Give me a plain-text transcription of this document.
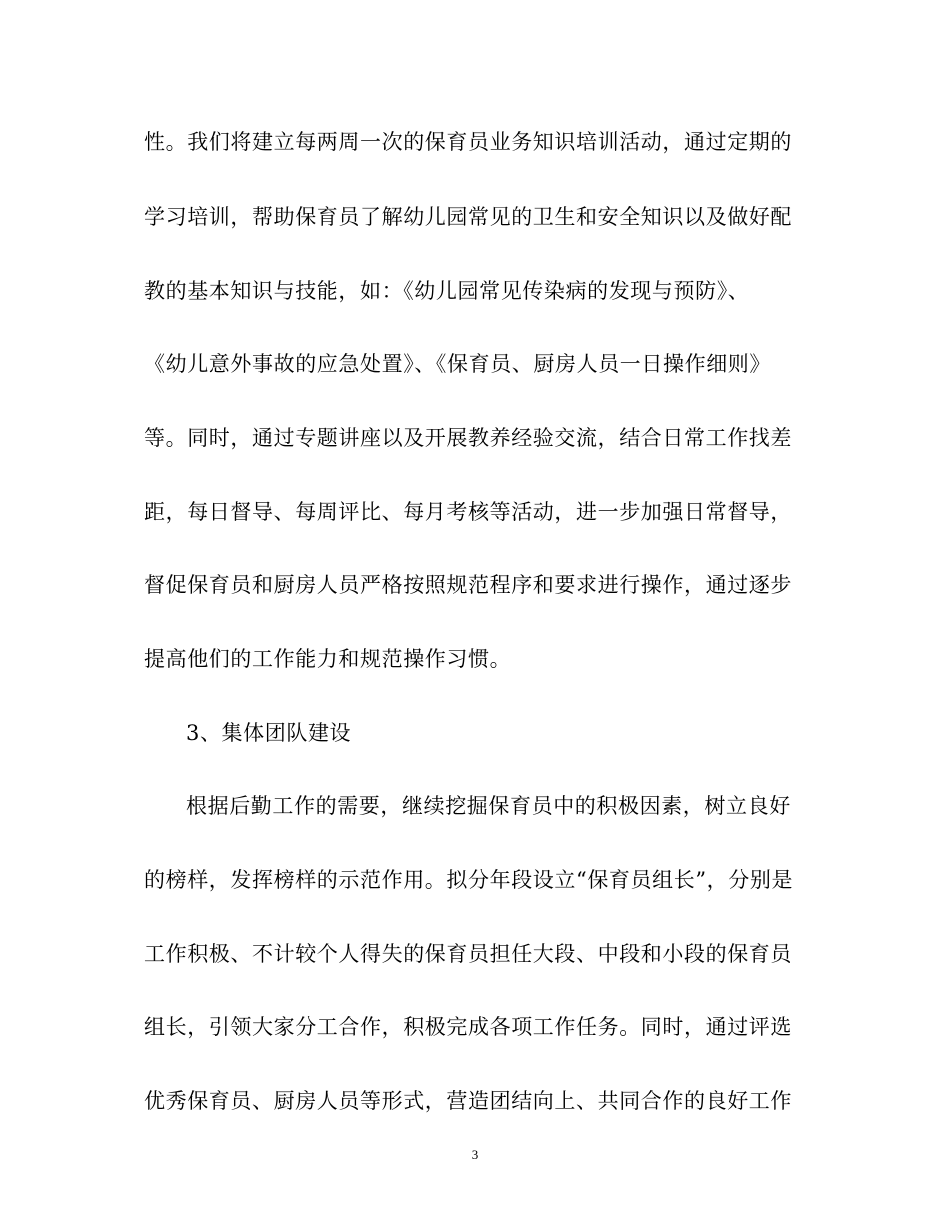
性。我们将建立每两周一次的保育员业务知识培训活动，通过定期的
学习培训，帮助保育员了解幼儿园常见的卫生和安全知识以及做好配
教的基本知识与技能，如：《幼儿园常见传染病的发现与预防》、
《幼儿意外事故的应急处置》、《保育员、厨房人员一日操作细则》
等。同时，通过专题讲座以及开展教养经验交流，结合日常工作找差
距，每日督导、每周评比、每月考核等活动，进一步加强日常督导，
督促保育员和厨房人员严格按照规范程序和要求进行操作，通过逐步
提高他们的工作能力和规范操作习惯。
3、集体团队建设
根据后勤工作的需要，继续挖掘保育员中的积极因素，树立良好
的榜样，发挥榜样的示范作用。拟分年段设立“保育员组长”，分别是
工作积极、不计较个人得失的保育员担任大段、中段和小段的保育员
组长，引领大家分工合作，积极完成各项工作任务。同时，通过评选
优秀保育员、厨房人员等形式，营造团结向上、共同合作的良好工作
3
